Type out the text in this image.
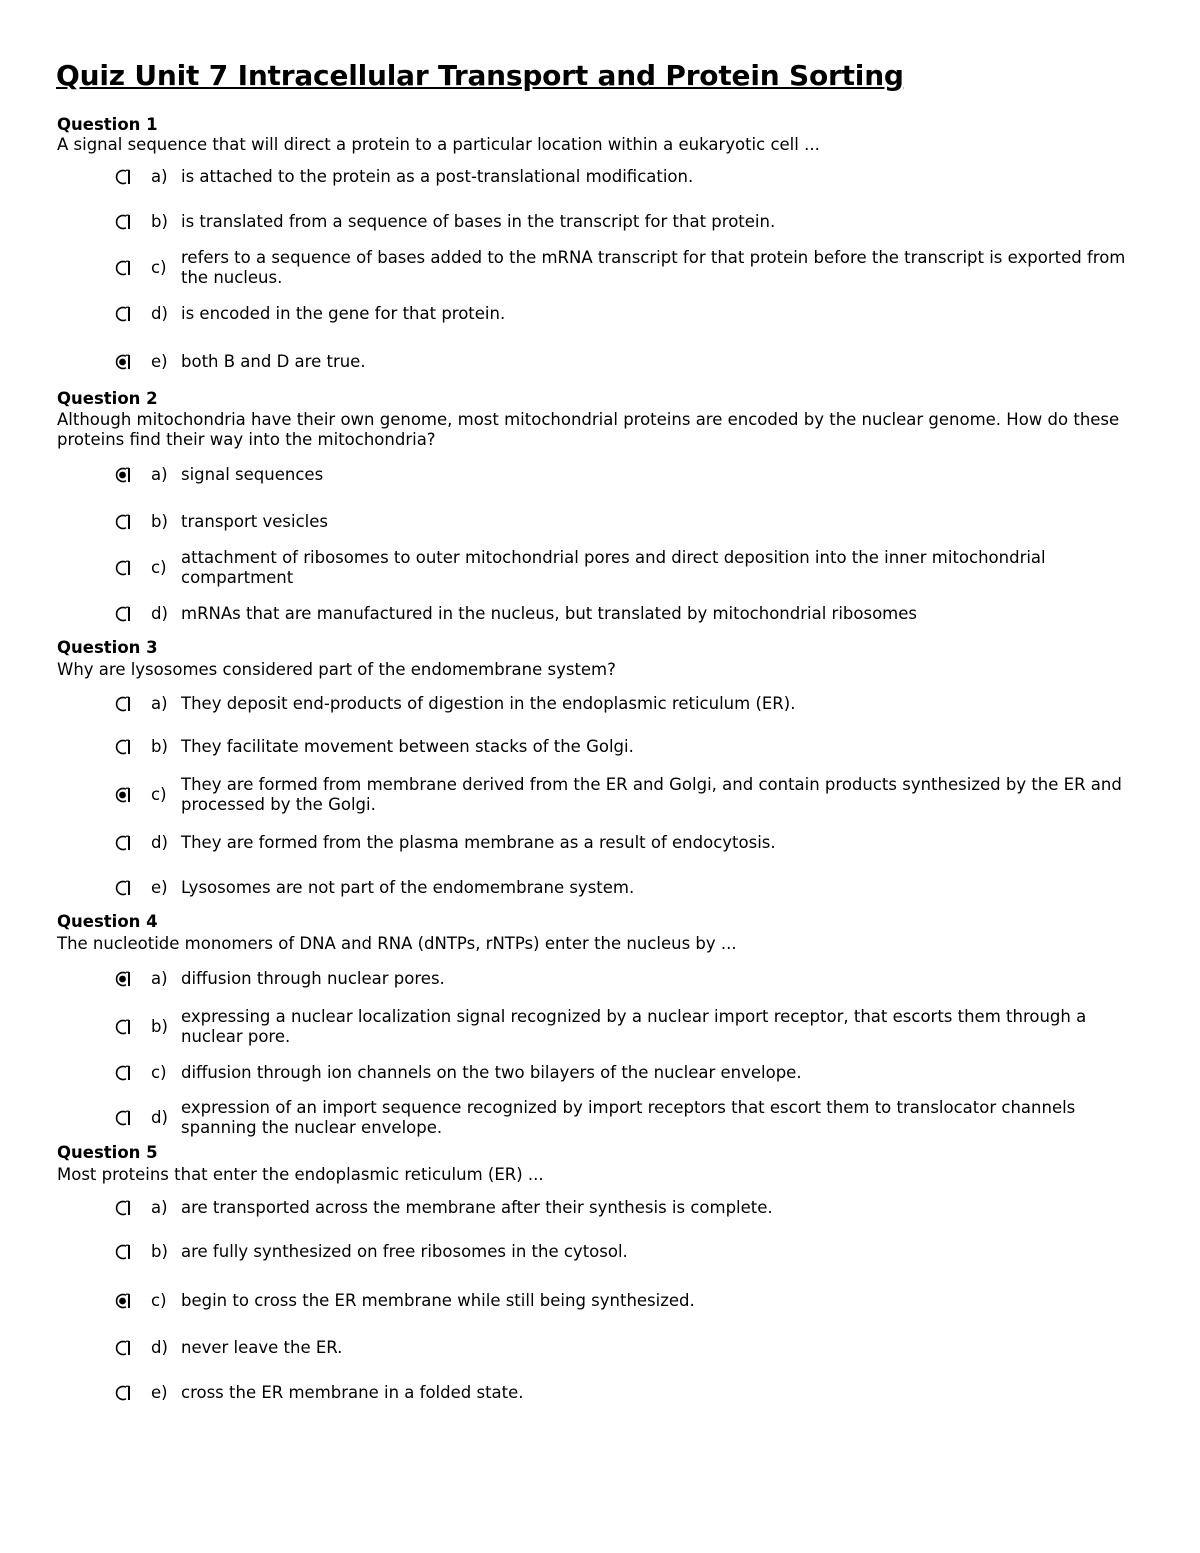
Quiz Unit 7 Intracellular Transport and Protein Sorting
Question 1
A signal sequence that will direct a protein to a particular location within a eukaryotic cell ...
a) is attached to the protein as a post-translational modification.
b) is translated from a sequence of bases in the transcript for that protein.
c)
refers to a sequence of bases added to the mRNA transcript for that protein before the transcript is exported from the nucleus.
d) is encoded in the gene for that protein.
e) both B and D are true.
Question 2
Although mitochondria have their own genome, most mitochondrial proteins are encoded by the nuclear genome. How do these proteins find their way into the mitochondria?
a) signal sequences
b) transport vesicles
c)
attachment of ribosomes to outer mitochondrial pores and direct deposition into the inner mitochondrial compartment
d) mRNAs that are manufactured in the nucleus, but translated by mitochondrial ribosomes
Question 3
Why are lysosomes considered part of the endomembrane system?
a) They deposit end-products of digestion in the endoplasmic reticulum (ER).
b) They facilitate movement between stacks of the Golgi.
c)
They are formed from membrane derived from the ER and Golgi, and contain products synthesized by the ER and processed by the Golgi.
d) They are formed from the plasma membrane as a result of endocytosis.
e) Lysosomes are not part of the endomembrane system.
Question 4
The nucleotide monomers of DNA and RNA (dNTPs, rNTPs) enter the nucleus by ...
a) diffusion through nuclear pores.
b)
expressing a nuclear localization signal recognized by a nuclear import receptor, that escorts them through a nuclear pore.
c) diffusion through ion channels on the two bilayers of the nuclear envelope.
d)
expression of an import sequence recognized by import receptors that escort them to translocator channels spanning the nuclear envelope.
Question 5
Most proteins that enter the endoplasmic reticulum (ER) ...
a) are transported across the membrane after their synthesis is complete.
b) are fully synthesized on free ribosomes in the cytosol.
c) begin to cross the ER membrane while still being synthesized.
d) never leave the ER.
e) cross the ER membrane in a folded state.
